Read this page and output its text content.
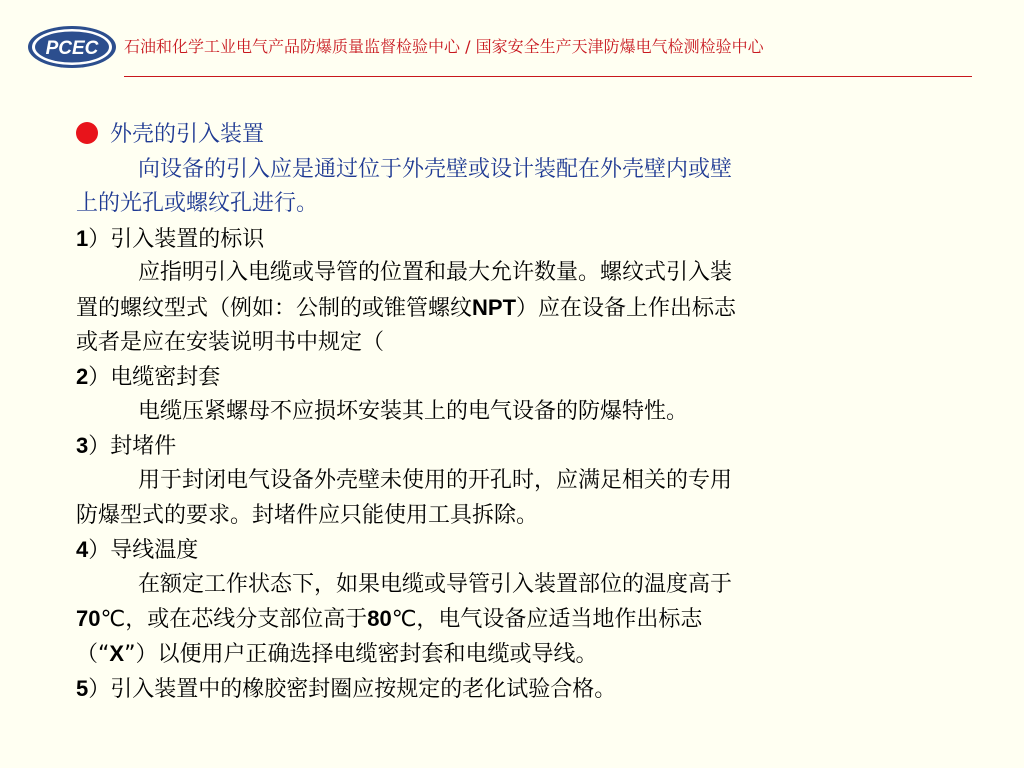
PCEC 石油和化学工业电气产品防爆质量监督检验中心 / 国家安全生产天津防爆电气检测检验中心
外壳的引入装置
向设备的引入应是通过位于外壳壁或设计装配在外壳壁内或壁
上的光孔或螺纹孔进行。
1）引入装置的标识
应指明引入电缆或导管的位置和最大允许数量。螺纹式引入装
置的螺纹型式（例如：公制的或锥管螺纹NPT）应在设备上作出标志
或者是应在安装说明书中规定（
2）电缆密封套
电缆压紧螺母不应损坏安装其上的电气设备的防爆特性。
3）封堵件
用于封闭电气设备外壳壁未使用的开孔时，应满足相关的专用
防爆型式的要求。封堵件应只能使用工具拆除。
4）导线温度
在额定工作状态下，如果电缆或导管引入装置部位的温度高于
70℃，或在芯线分支部位高于80℃，电气设备应适当地作出标志
（“X”）以便用户正确选择电缆密封套和电缆或导线。
5）引入装置中的橡胶密封圈应按规定的老化试验合格。
